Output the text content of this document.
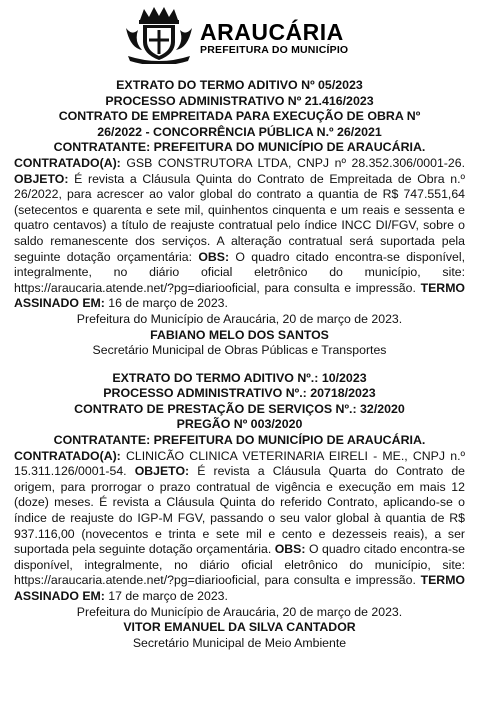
ARAUCÁRIA
PREFEITURA DO MUNICÍPIO
EXTRATO DO TERMO ADITIVO Nº 05/2023
PROCESSO ADMINISTRATIVO Nº 21.416/2023
CONTRATO DE EMPREITADA PARA EXECUÇÃO DE OBRA Nº
26/2022 - CONCORRÊNCIA PÚBLICA N.º 26/2021
CONTRATANTE: PREFEITURA DO MUNICÍPIO DE ARAUCÁRIA.
CONTRATADO(A): GSB CONSTRUTORA LTDA, CNPJ nº 28.352.306/0001-26. OBJETO: É revista a Cláusula Quinta do Contrato de Empreitada de Obra n.º 26/2022, para acrescer ao valor global do contrato a quantia de R$ 747.551,64 (setecentos e quarenta e sete mil, quinhentos cinquenta e um reais e sessenta e quatro centavos) a título de reajuste contratual pelo índice INCC DI/FGV, sobre o saldo remanescente dos serviços. A alteração contratual será suportada pela seguinte dotação orçamentária: OBS: O quadro citado encontra-se disponível, integralmente, no diário oficial eletrônico do município, site: https://araucaria.atende.net/?pg=diariooficial, para consulta e impressão. TERMO ASSINADO EM: 16 de março de 2023.
Prefeitura do Município de Araucária, 20 de março de 2023.
FABIANO MELO DOS SANTOS
Secretário Municipal de Obras Públicas e Transportes
EXTRATO DO TERMO ADITIVO Nº.: 10/2023
PROCESSO ADMINISTRATIVO Nº.: 20718/2023
CONTRATO DE PRESTAÇÃO DE SERVIÇOS Nº.: 32/2020
PREGÃO Nº 003/2020
CONTRATANTE: PREFEITURA DO MUNICÍPIO DE ARAUCÁRIA.
CONTRATADO(A): CLINICÃO CLINICA VETERINARIA EIRELI - ME., CNPJ n.º 15.311.126/0001-54. OBJETO: É revista a Cláusula Quarta do Contrato de origem, para prorrogar o prazo contratual de vigência e execução em mais 12 (doze) meses. É revista a Cláusula Quinta do referido Contrato, aplicando-se o índice de reajuste do IGP-M FGV, passando o seu valor global à quantia de R$ 937.116,00 (novecentos e trinta e sete mil e cento e dezesseis reais), a ser suportada pela seguinte dotação orçamentária. OBS: O quadro citado encontra-se disponível, integralmente, no diário oficial eletrônico do município, site: https://araucaria.atende.net/?pg=diariooficial, para consulta e impressão. TERMO ASSINADO EM: 17 de março de 2023.
Prefeitura do Município de Araucária, 20 de março de 2023.
VITOR EMANUEL DA SILVA CANTADOR
Secretário Municipal de Meio Ambiente
